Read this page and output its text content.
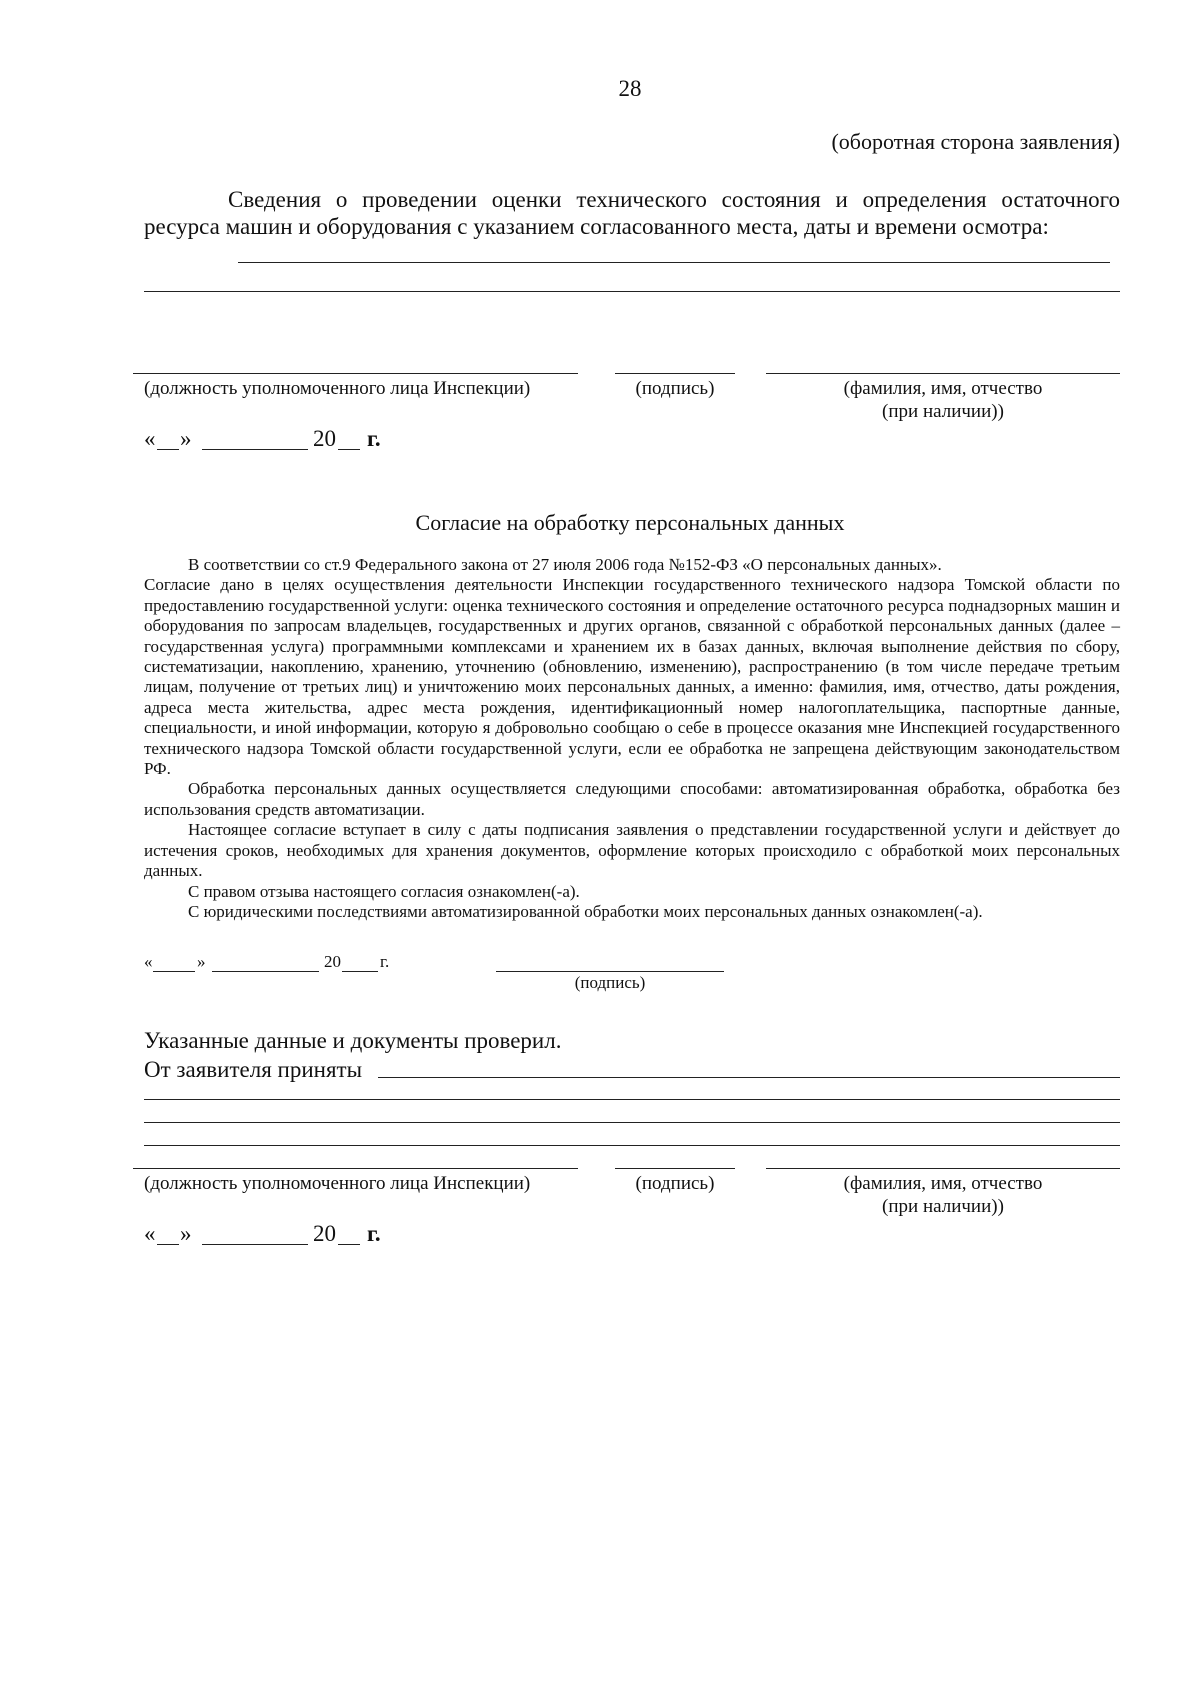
28
(оборотная сторона заявления)
Сведения о проведении оценки технического состояния и определения остаточного ресурса машин и оборудования с указанием согласованного места, даты и времени осмотра:
(должность уполномоченного лица Инспекции)	(подпись)	(фамилия, имя, отчество
(при наличии))
« »	20 г.
Согласие на обработку персональных данных

В соответствии со ст.9 Федерального закона от 27 июля 2006 года №152-ФЗ «О персональных данных».

Согласие дано в целях осуществления деятельности Инспекции государственного технического надзора Томской области по предоставлению государственной услуги: оценка технического состояния и определение остаточного ресурса поднадзорных машин и оборудования по запросам владельцев, государственных и других органов, связанной с обработкой персональных данных (далее – государственная услуга) программными комплексами и хранением их в базах данных, включая выполнение действия по сбору, систематизации, накоплению, хранению, уточнению (обновлению, изменению), распространению (в том числе передаче третьим лицам, получение от третьих лиц) и уничтожению моих персональных данных, а именно: фамилия, имя, отчество, даты рождения, адреса места жительства, адрес места рождения, идентификационный номер налогоплательщика, паспортные данные, специальности, и иной информации, которую я добровольно сообщаю о себе в процессе оказания мне Инспекцией государственного технического надзора Томской области государственной услуги, если ее обработка не запрещена действующим законодательством РФ.

Обработка персональных данных осуществляется следующими способами: автоматизированная обработка, обработка без использования средств автоматизации.

Настоящее согласие вступает в силу с даты подписания заявления о представлении государственной услуги и действует до истечения сроков, необходимых для хранения документов, оформление которых происходило с обработкой моих персональных данных.

С правом отзыва настоящего согласия ознакомлен(-а).

С юридическими последствиями автоматизированной обработки моих персональных данных ознакомлен(-а).

«	»	20 г.
(подпись)
Указанные данные и документы проверил.
От заявителя приняты
(должность уполномоченного лица Инспекции)	(подпись)	(фамилия, имя, отчество
(при наличии))
« »	20 г.
